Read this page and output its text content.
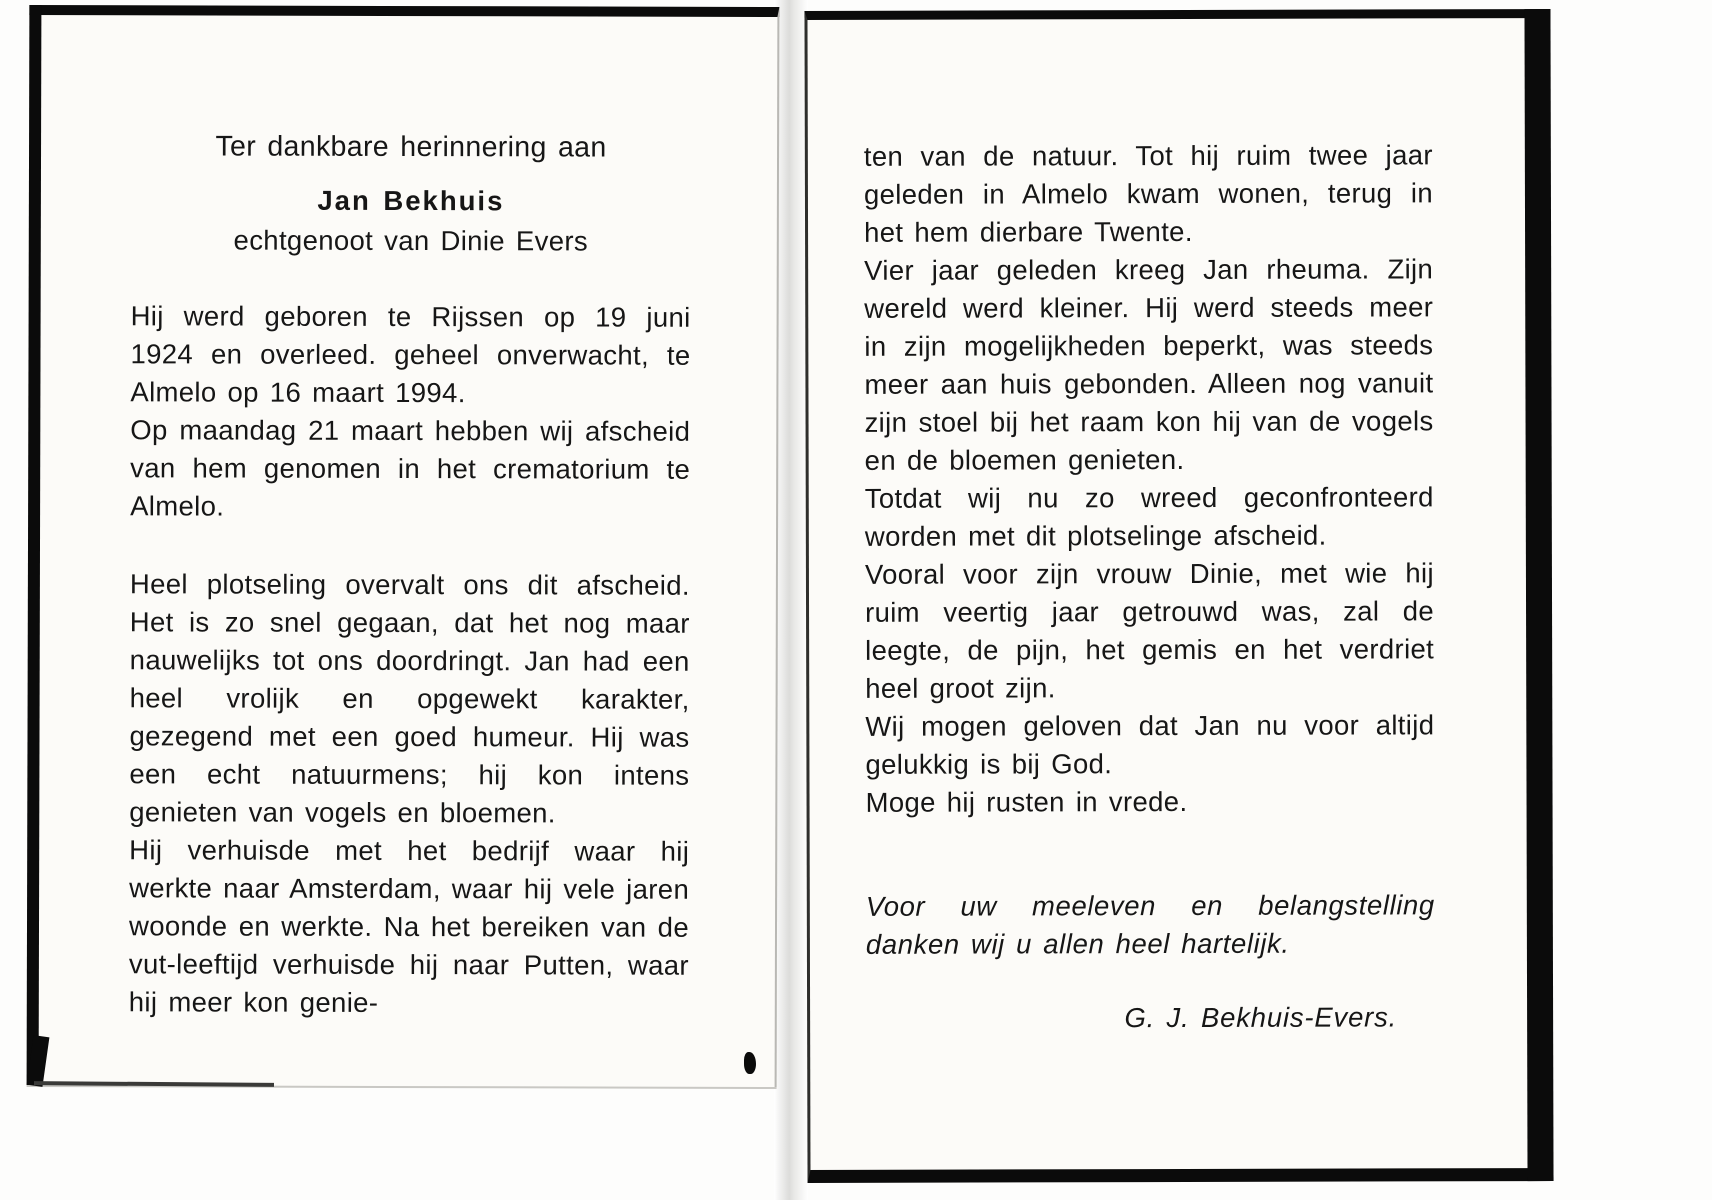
Ter dankbare herinnering aan

Jan Bekhuis

echtgenoot van Dinie Evers

Hij werd geboren te Rijssen op 19 juni 1924 en overleed. geheel onverwacht, te Almelo op 16 maart 1994.

Op maandag 21 maart hebben wij afscheid van hem genomen in het crematorium te Almelo.

Heel plotseling overvalt ons dit afscheid. Het is zo snel gegaan, dat het nog maar nauwelijks tot ons doordringt. Jan had een heel vrolijk en opgewekt karakter, gezegend met een goed humeur. Hij was een echt natuurmens; hij kon intens genieten van vogels en bloemen.

Hij verhuisde met het bedrijf waar hij werkte naar Amsterdam, waar hij vele jaren woonde en werkte. Na het bereiken van de vut-leeftijd verhuisde hij naar Putten, waar hij meer kon genie-

ten van de natuur. Tot hij ruim twee jaar geleden in Almelo kwam wonen, terug in het hem dierbare Twente.

Vier jaar geleden kreeg Jan rheuma. Zijn wereld werd kleiner. Hij werd steeds meer in zijn mogelijkheden beperkt, was steeds meer aan huis gebonden. Alleen nog vanuit zijn stoel bij het raam kon hij van de vogels en de bloemen genieten.

Totdat wij nu zo wreed geconfronteerd worden met dit plotselinge afscheid.

Vooral voor zijn vrouw Dinie, met wie hij ruim veertig jaar getrouwd was, zal de leegte, de pijn, het gemis en het verdriet heel groot zijn.

Wij mogen geloven dat Jan nu voor altijd gelukkig is bij God.

Moge hij rusten in vrede.

Voor uw meeleven en belangstelling danken wij u allen heel hartelijk.

G. J. Bekhuis-Evers.
